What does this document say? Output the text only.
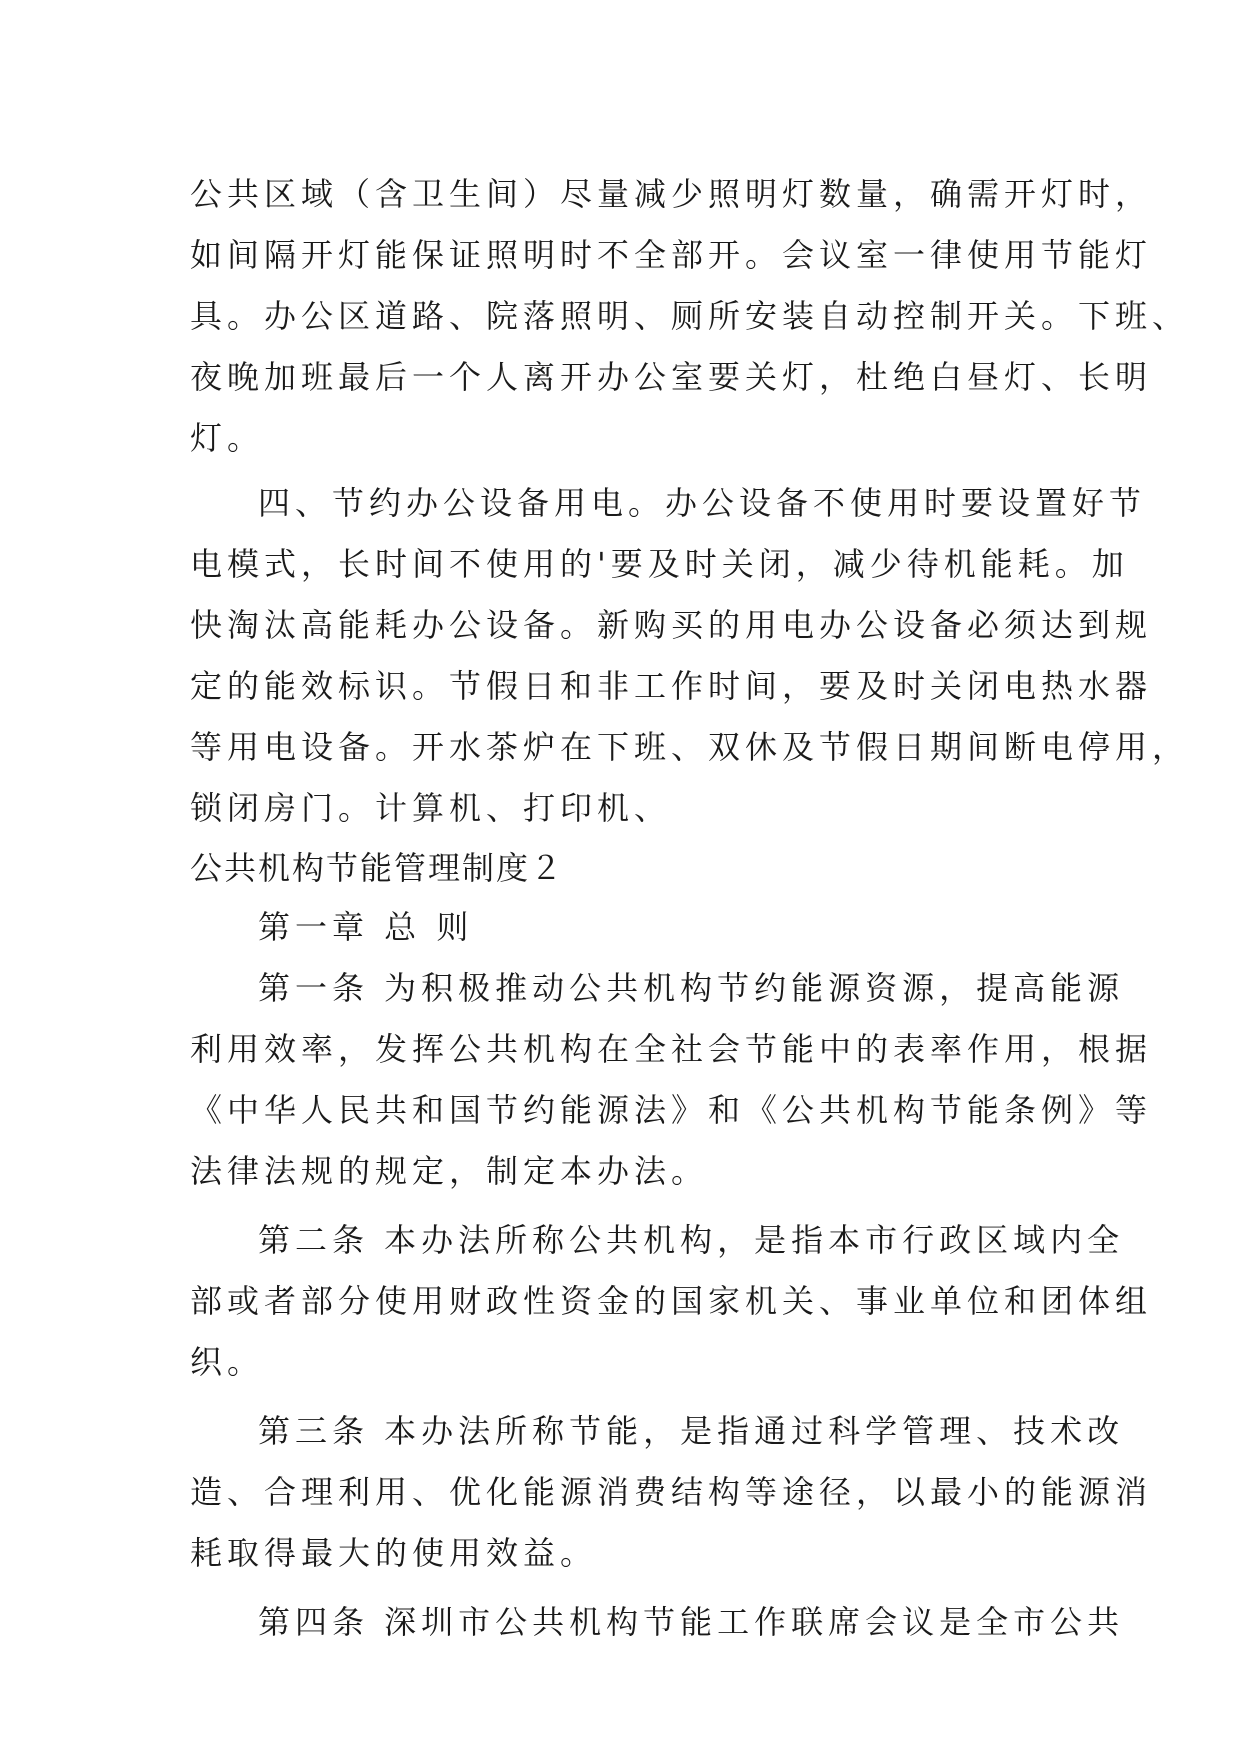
公共区域（含卫生间）尽量减少照明灯数量，确需开灯时，
如间隔开灯能保证照明时不全部开。会议室一律使用节能灯
具。办公区道路、院落照明、厕所安装自动控制开关。下班、
夜晚加班最后一个人离开办公室要关灯，杜绝白昼灯、长明
灯。
四、节约办公设备用电。办公设备不使用时要设置好节
电模式，长时间不使用的'要及时关闭，减少待机能耗。加
快淘汰高能耗办公设备。新购买的用电办公设备必须达到规
定的能效标识。节假日和非工作时间，要及时关闭电热水器
等用电设备。开水茶炉在下班、双休及节假日期间断电停用，
锁闭房门。计算机、打印机、
公共机构节能管理制度２
第一章 总 则
第一条 为积极推动公共机构节约能源资源，提高能源
利用效率，发挥公共机构在全社会节能中的表率作用，根据
《中华人民共和国节约能源法》和《公共机构节能条例》等
法律法规的规定，制定本办法。
第二条 本办法所称公共机构，是指本市行政区域内全
部或者部分使用财政性资金的国家机关、事业单位和团体组
织。
第三条 本办法所称节能，是指通过科学管理、技术改
造、合理利用、优化能源消费结构等途径，以最小的能源消
耗取得最大的使用效益。
第四条 深圳市公共机构节能工作联席会议是全市公共
